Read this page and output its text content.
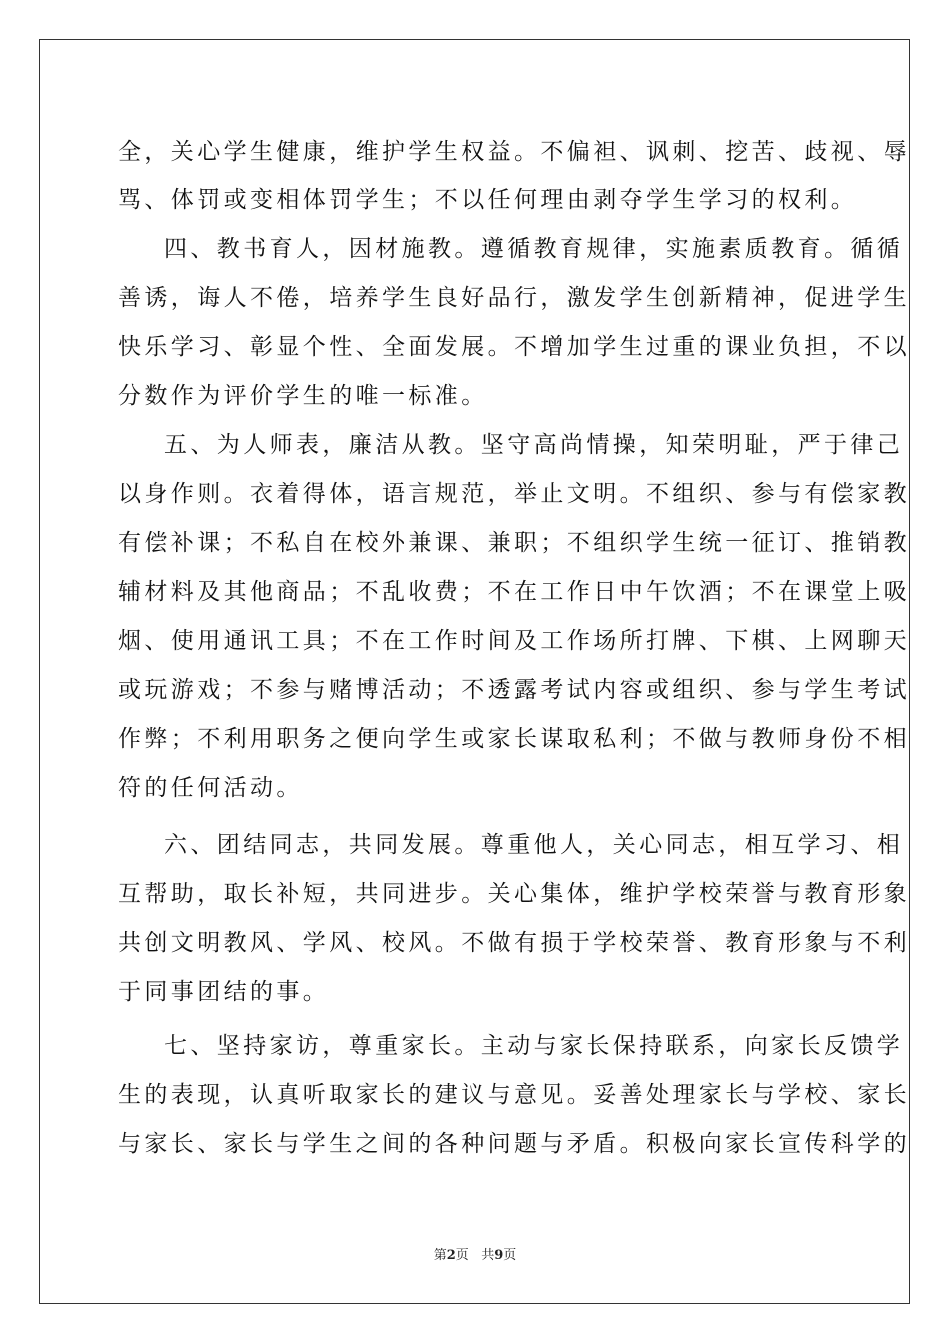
全，关心学生健康，维护学生权益。不偏袒、讽刺、挖苦、歧视、辱
骂、体罚或变相体罚学生；不以任何理由剥夺学生学习的权利。
四、教书育人，因材施教。遵循教育规律，实施素质教育。循循
善诱，诲人不倦，培养学生良好品行，激发学生创新精神，促进学生
快乐学习、彰显个性、全面发展。不增加学生过重的课业负担，不以
分数作为评价学生的唯一标准。
五、为人师表，廉洁从教。坚守高尚情操，知荣明耻，严于律己
以身作则。衣着得体，语言规范，举止文明。不组织、参与有偿家教
有偿补课；不私自在校外兼课、兼职；不组织学生统一征订、推销教
辅材料及其他商品；不乱收费；不在工作日中午饮酒；不在课堂上吸
烟、使用通讯工具；不在工作时间及工作场所打牌、下棋、上网聊天
或玩游戏；不参与赌博活动；不透露考试内容或组织、参与学生考试
作弊；不利用职务之便向学生或家长谋取私利；不做与教师身份不相
符的任何活动。
六、团结同志，共同发展。尊重他人，关心同志，相互学习、相
互帮助，取长补短，共同进步。关心集体，维护学校荣誉与教育形象
共创文明教风、学风、校风。不做有损于学校荣誉、教育形象与不利
于同事团结的事。
七、坚持家访，尊重家长。主动与家长保持联系，向家长反馈学
生的表现，认真听取家长的建议与意见。妥善处理家长与学校、家长
与家长、家长与学生之间的各种问题与矛盾。积极向家长宣传科学的
第2页 共9页
